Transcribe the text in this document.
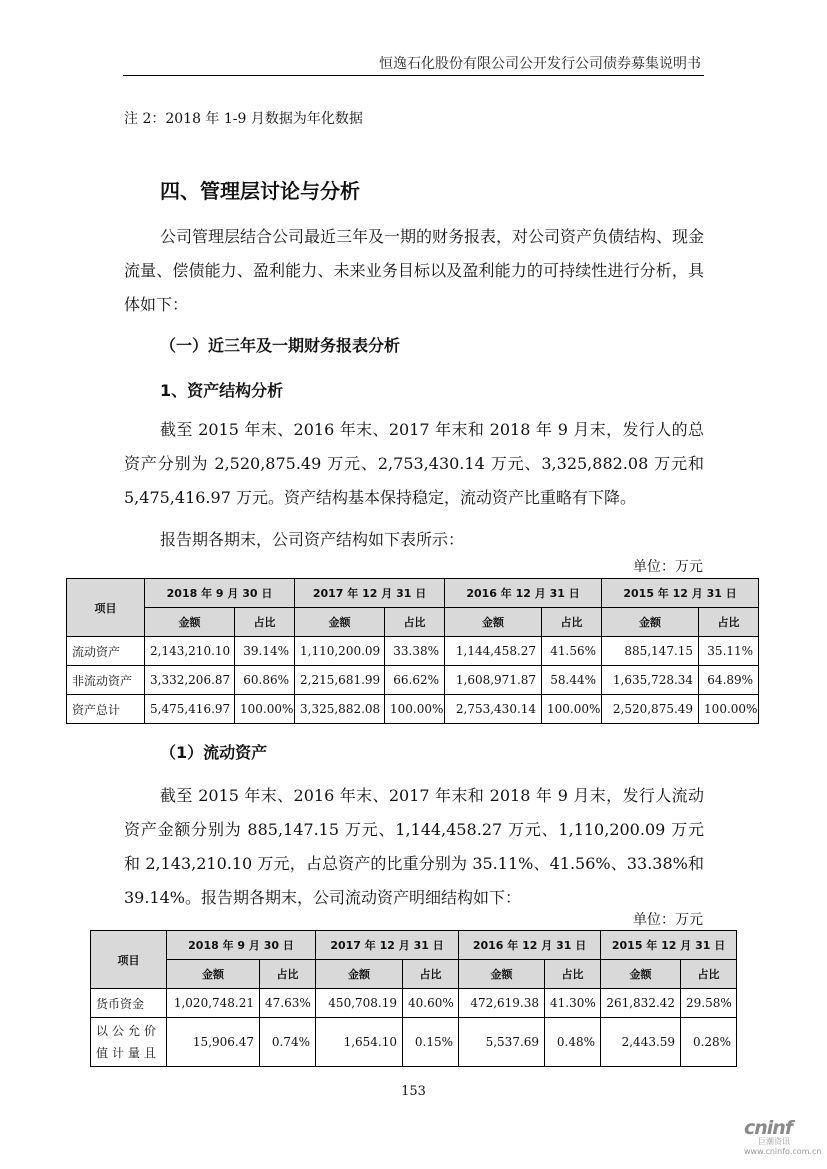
恒逸石化股份有限公司公开发行公司债券募集说明书
注 2：2018 年 1-9 月数据为年化数据
四、管理层讨论与分析

公司管理层结合公司最近三年及一期的财务报表，对公司资产负债结构、现金流量、偿债能力、盈利能力、未来业务目标以及盈利能力的可持续性进行分析，具体如下：

（一）近三年及一期财务报表分析
1、资产结构分析

截至 2015 年末、2016 年末、2017 年末和 2018 年 9 月末，发行人的总资产分别为 2,520,875.49 万元、2,753,430.14 万元、3,325,882.08 万元和 5,475,416.97 万元。资产结构基本保持稳定，流动资产比重略有下降。

报告期各期末，公司资产结构如下表所示：
单位：万元
项目	2018 年 9 月 30 日		2017 年 12 月 31 日		2016 年 12 月 31 日		2015 年 12 月 31 日	
	金额	占比	金额	占比	金额	占比	金额	占比
流动资产	2,143,210.10	39.14%	1,110,200.09	33.38%	1,144,458.27	41.56%	885,147.15	35.11%
非流动资产	3,332,206.87	60.86%	2,215,681.99	66.62%	1,608,971.87	58.44%	1,635,728.34	64.89%
资产总计	5,475,416.97	100.00%	3,325,882.08	100.00%	2,753,430.14	100.00%	2,520,875.49	100.00%
（1）流动资产

截至 2015 年末、2016 年末、2017 年末和 2018 年 9 月末，发行人流动资产金额分别为 885,147.15 万元、1,144,458.27 万元、1,110,200.09 万元和 2,143,210.10 万元，占总资产的比重分别为 35.11%、41.56%、33.38%和 39.14%。报告期各期末，公司流动资产明细结构如下：

单位：万元
项目	2018 年 9 月 30 日		2017 年 12 月 31 日		2016 年 12 月 31 日		2015 年 12 月 31 日	
	金额	占比	金额	占比	金额	占比	金额	占比
货币资金	1,020,748.21	47.63%	450,708.19	40.60%	472,619.38	41.30%	261,832.42	29.58%
以公允价值计量且	15,906.47	0.74%	1,654.10	0.15%	5,537.69	0.48%	2,443.59	0.28%
153
cninf
巨潮资讯
www.cninfo.com.cn
